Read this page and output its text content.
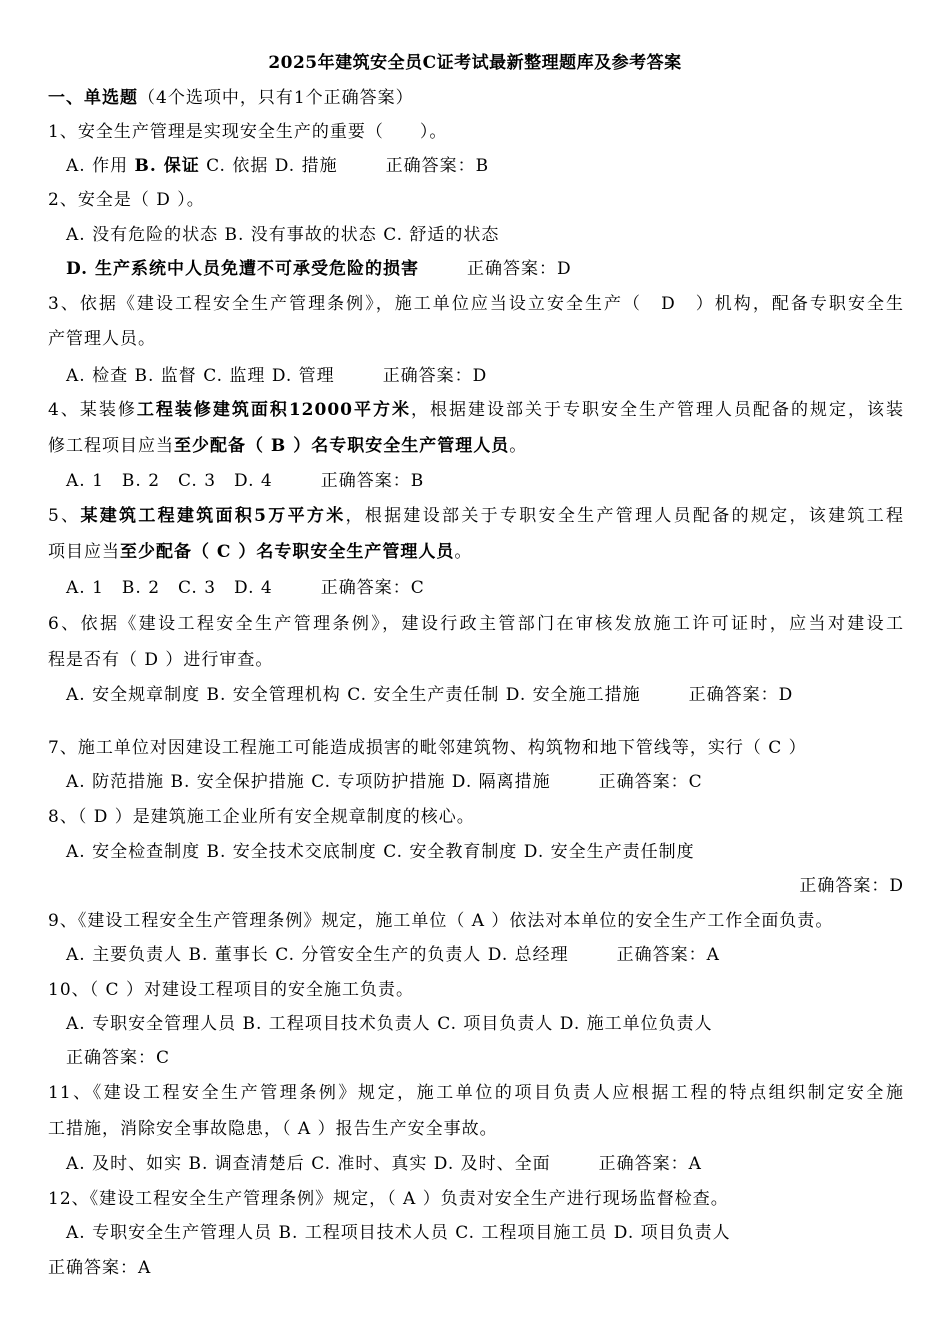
2025年建筑安全员C证考试最新整理题库及参考答案
一、单选题（4个选项中，只有1个正确答案）
1、安全生产管理是实现安全生产的重要（　　）。
A. 作用 B. 保证 C. 依据 D. 措施	正确答案：B
2、安全是（ D ）。
A. 没有危险的状态 B. 没有事故的状态 C. 舒适的状态
D. 生产系统中人员免遭不可承受危险的损害	正确答案：D
3、依据《建设工程安全生产管理条例》，施工单位应当设立安全生产（　D　）机构，配备专职安全生
产管理人员。
A. 检查 B. 监督 C. 监理 D. 管理	正确答案：D
4、某装修工程装修建筑面积12000平方米，根据建设部关于专职安全生产管理人员配备的规定，该装
修工程项目应当至少配备（ B ）名专职安全生产管理人员。
A. 1　B. 2　C. 3　D. 4	正确答案：B
5、某建筑工程建筑面积5万平方米，根据建设部关于专职安全生产管理人员配备的规定，该建筑工程
项目应当至少配备（ C ）名专职安全生产管理人员。
A. 1　B. 2　C. 3　D. 4	正确答案：C
6、依据《建设工程安全生产管理条例》，建设行政主管部门在审核发放施工许可证时，应当对建设工
程是否有（ D ）进行审查。
A. 安全规章制度 B. 安全管理机构 C. 安全生产责任制 D. 安全施工措施	正确答案：D
7、施工单位对因建设工程施工可能造成损害的毗邻建筑物、构筑物和地下管线等，实行（ C ）
A. 防范措施 B. 安全保护措施 C. 专项防护措施 D. 隔离措施	正确答案：C
8、（ D ）是建筑施工企业所有安全规章制度的核心。
A. 安全检查制度 B. 安全技术交底制度 C. 安全教育制度 D. 安全生产责任制度
正确答案：D
9、《建设工程安全生产管理条例》规定，施工单位（ A ）依法对本单位的安全生产工作全面负责。
A. 主要负责人 B. 董事长 C. 分管安全生产的负责人 D. 总经理	正确答案：A
10、（ C ）对建设工程项目的安全施工负责。
A. 专职安全管理人员 B. 工程项目技术负责人 C. 项目负责人 D. 施工单位负责人
正确答案：C
11、《建设工程安全生产管理条例》规定，施工单位的项目负责人应根据工程的特点组织制定安全施
工措施，消除安全事故隐患，（ A ）报告生产安全事故。
A. 及时、如实 B. 调查清楚后 C. 准时、真实 D. 及时、全面	正确答案：A
12、《建设工程安全生产管理条例》规定，（ A ）负责对安全生产进行现场监督检查。
A. 专职安全生产管理人员 B. 工程项目技术人员 C. 工程项目施工员 D. 项目负责人
正确答案：A
